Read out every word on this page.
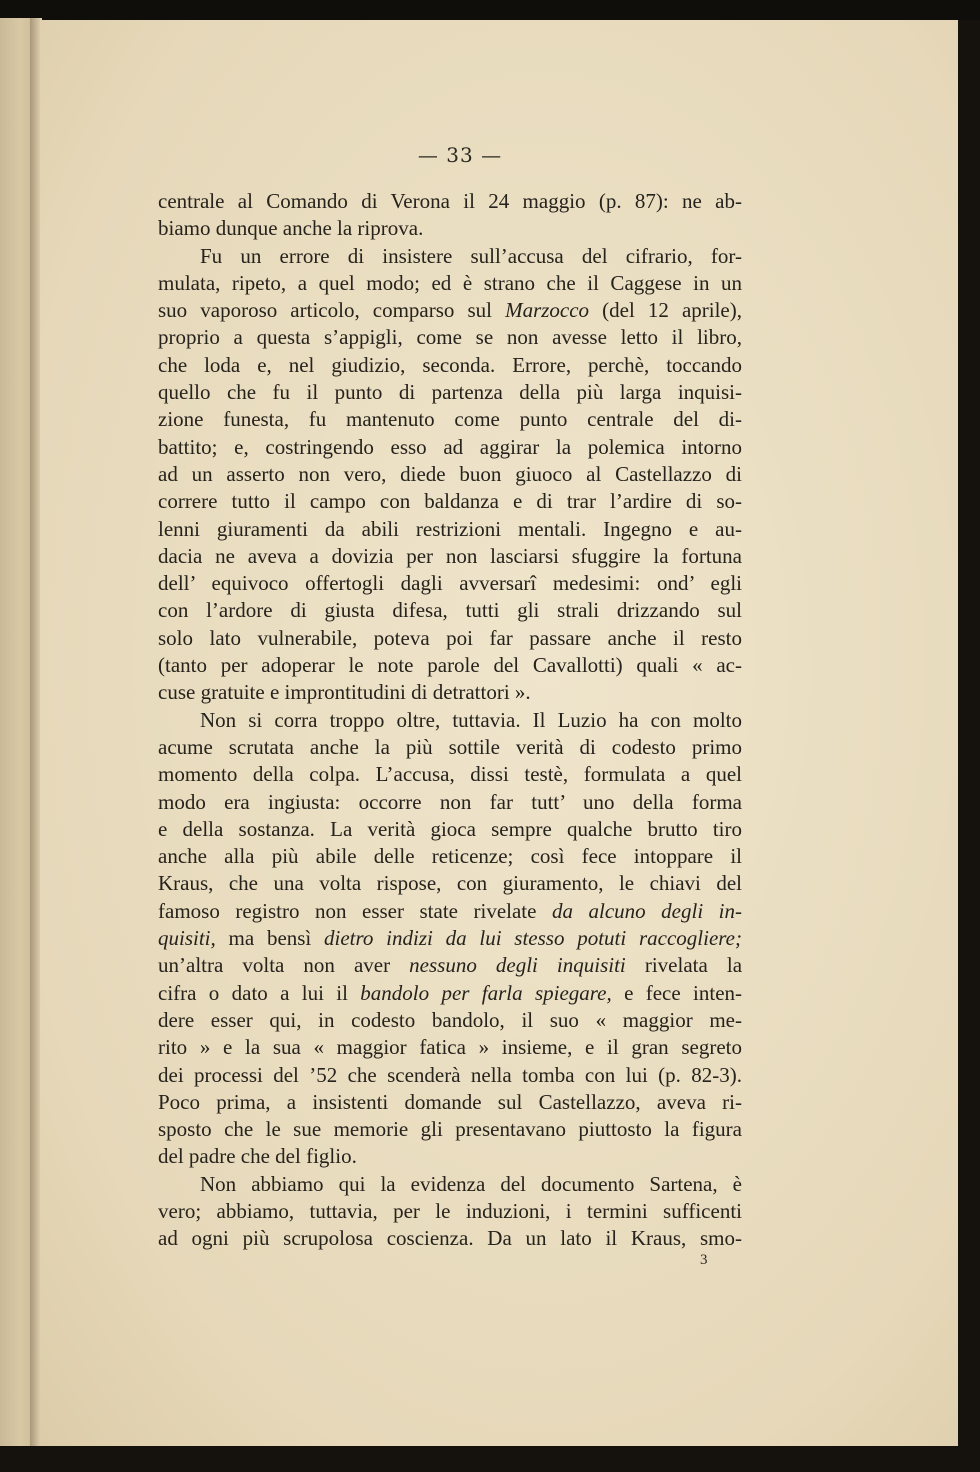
— 33 —
centrale al Comando di Verona il 24 maggio (p. 87): ne ab-
biamo dunque anche la riprova.
Fu un errore di insistere sull’accusa del cifrario, for-
mulata, ripeto, a quel modo; ed è strano che il Caggese in un
suo vaporoso articolo, comparso sul Marzocco (del 12 aprile),
proprio a questa s’appigli, come se non avesse letto il libro,
che loda e, nel giudizio, seconda. Errore, perchè, toccando
quello che fu il punto di partenza della più larga inquisi-
zione funesta, fu mantenuto come punto centrale del di-
battito; e, costringendo esso ad aggirar la polemica intorno
ad un asserto non vero, diede buon giuoco al Castellazzo di
correre tutto il campo con baldanza e di trar l’ardire di so-
lenni giuramenti da abili restrizioni mentali. Ingegno e au-
dacia ne aveva a dovizia per non lasciarsi sfuggire la fortuna
dell’ equivoco offertogli dagli avversarî medesimi: ond’ egli
con l’ardore di giusta difesa, tutti gli strali drizzando sul
solo lato vulnerabile, poteva poi far passare anche il resto
(tanto per adoperar le note parole del Cavallotti) quali « ac-
cuse gratuite e improntitudini di detrattori ».
Non si corra troppo oltre, tuttavia. Il Luzio ha con molto
acume scrutata anche la più sottile verità di codesto primo
momento della colpa. L’accusa, dissi testè, formulata a quel
modo era ingiusta: occorre non far tutt’ uno della forma
e della sostanza. La verità gioca sempre qualche brutto tiro
anche alla più abile delle reticenze; così fece intoppare il
Kraus, che una volta rispose, con giuramento, le chiavi del
famoso registro non esser state rivelate da alcuno degli in-
quisiti, ma bensì dietro indizi da lui stesso potuti raccogliere;
un’altra volta non aver nessuno degli inquisiti rivelata la
cifra o dato a lui il bandolo per farla spiegare, e fece inten-
dere esser qui, in codesto bandolo, il suo « maggior me-
rito » e la sua « maggior fatica » insieme, e il gran segreto
dei processi del ’52 che scenderà nella tomba con lui (p. 82-3).
Poco prima, a insistenti domande sul Castellazzo, aveva ri-
sposto che le sue memorie gli presentavano piuttosto la figura
del padre che del figlio.
Non abbiamo qui la evidenza del documento Sartena, è
vero; abbiamo, tuttavia, per le induzioni, i termini sufficenti
ad ogni più scrupolosa coscienza. Da un lato il Kraus, smo-
3
